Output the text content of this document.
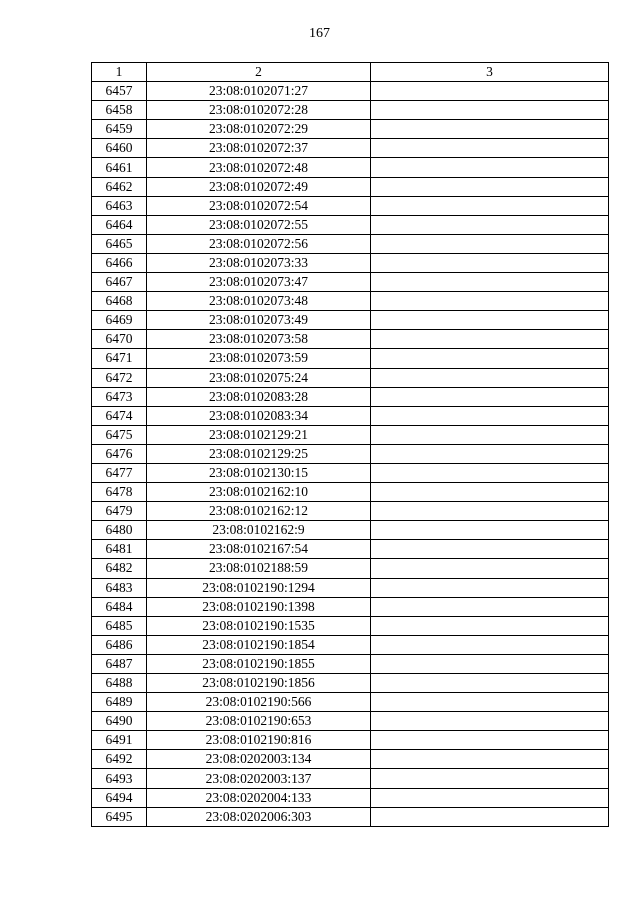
167
1	2	3
6457	23:08:0102071:27	
6458	23:08:0102072:28	
6459	23:08:0102072:29	
6460	23:08:0102072:37	
6461	23:08:0102072:48	
6462	23:08:0102072:49	
6463	23:08:0102072:54	
6464	23:08:0102072:55	
6465	23:08:0102072:56	
6466	23:08:0102073:33	
6467	23:08:0102073:47	
6468	23:08:0102073:48	
6469	23:08:0102073:49	
6470	23:08:0102073:58	
6471	23:08:0102073:59	
6472	23:08:0102075:24	
6473	23:08:0102083:28	
6474	23:08:0102083:34	
6475	23:08:0102129:21	
6476	23:08:0102129:25	
6477	23:08:0102130:15	
6478	23:08:0102162:10	
6479	23:08:0102162:12	
6480	23:08:0102162:9	
6481	23:08:0102167:54	
6482	23:08:0102188:59	
6483	23:08:0102190:1294	
6484	23:08:0102190:1398	
6485	23:08:0102190:1535	
6486	23:08:0102190:1854	
6487	23:08:0102190:1855	
6488	23:08:0102190:1856	
6489	23:08:0102190:566	
6490	23:08:0102190:653	
6491	23:08:0102190:816	
6492	23:08:0202003:134	
6493	23:08:0202003:137	
6494	23:08:0202004:133	
6495	23:08:0202006:303	
